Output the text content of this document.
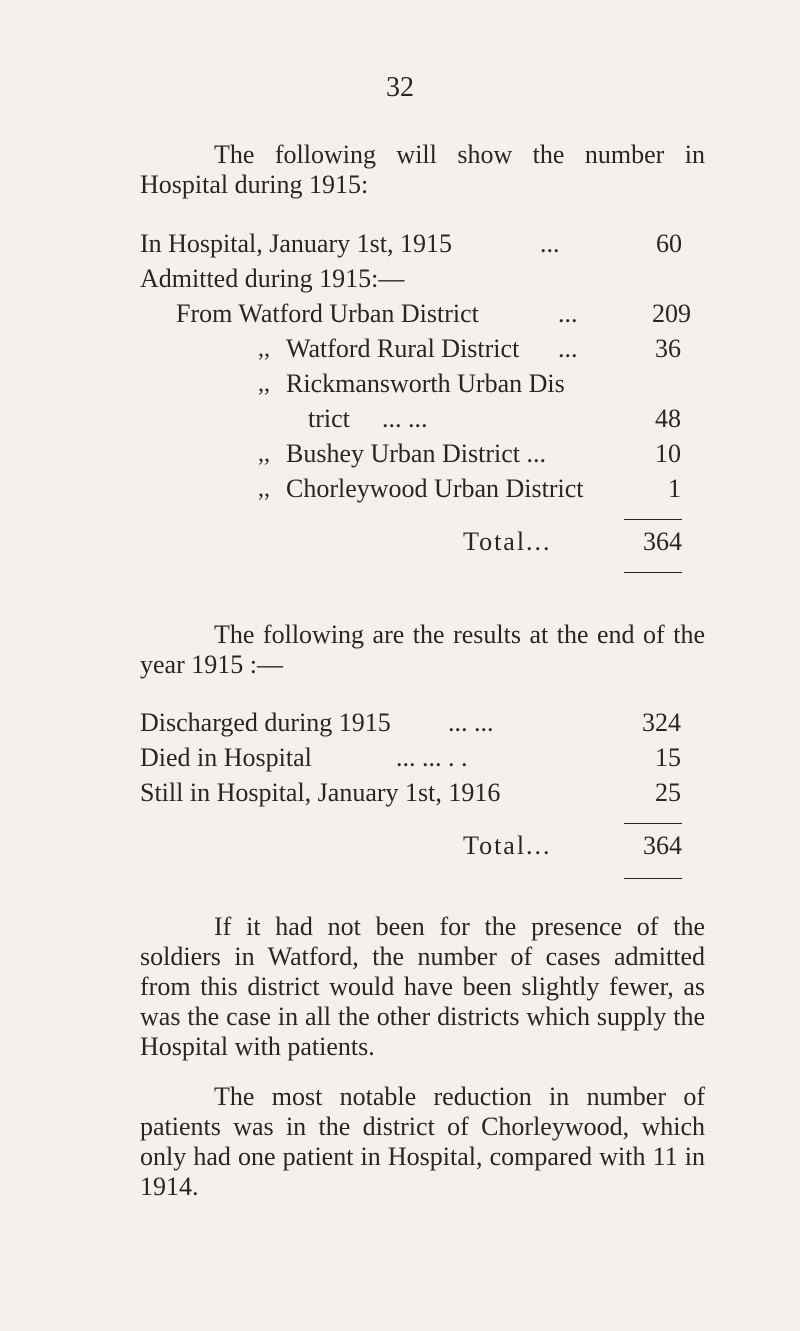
32

The following will show the number in Hospital during 1915:

In Hospital, January 1st, 1915	...	60
Admitted during 1915:—
From Watford Urban District	...	209
,, Watford Rural District ...	36
,, Rickmansworth Urban Dis
trict ... ...	48
,, Bushey Urban District ...	10
,, Chorleywood Urban District	1
Total...	364

The following are the results at the end of the year 1915 :—

Discharged during 1915 ... ...	324
Died in Hospital	... ... . .	15
Still in Hospital, January 1st, 1916	25
Total...	364

If it had not been for the presence of the soldiers in Watford, the number of cases admitted from this district would have been slightly fewer, as was the case in all the other districts which supply the Hospital with patients.

The most notable reduction in number of patients was in the district of Chorleywood, which only had one patient in Hospital, compared with 11 in 1914.
